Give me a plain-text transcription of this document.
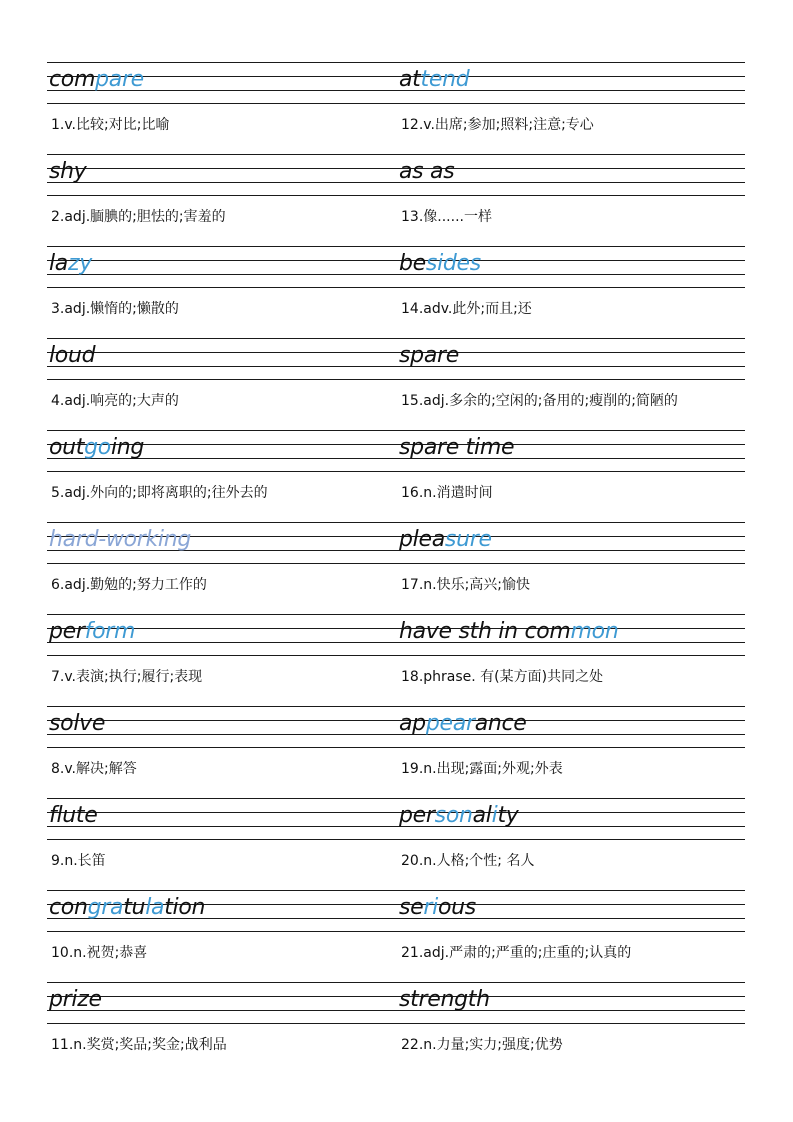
compare
1.v.比较;对比;比喻
attend
12.v.出席;参加;照料;注意;专心
shy
2.adj.腼腆的;胆怯的;害羞的
as as
13.像......一样
lazy
3.adj.懒惰的;懒散的
besides
14.adv.此外;而且;还
loud
4.adj.响亮的;大声的
spare
15.adj.多余的;空闲的;备用的;瘦削的;简陋的
outgoing
5.adj.外向的;即将离职的;往外去的
spare time
16.n.消遣时间
hard-working
6.adj.勤勉的;努力工作的
pleasure
17.n.快乐;高兴;愉快
perform
7.v.表演;执行;履行;表现
have sth in common
18.phrase. 有(某方面)共同之处
solve
8.v.解决;解答
appearance
19.n.出现;露面;外观;外表
flute
9.n.长笛
personality
20.n.人格;个性; 名人
congratulation
10.n.祝贺;恭喜
serious
21.adj.严肃的;严重的;庄重的;认真的
prize
11.n.奖赏;奖品;奖金;战利品
strength
22.n.力量;实力;强度;优势
